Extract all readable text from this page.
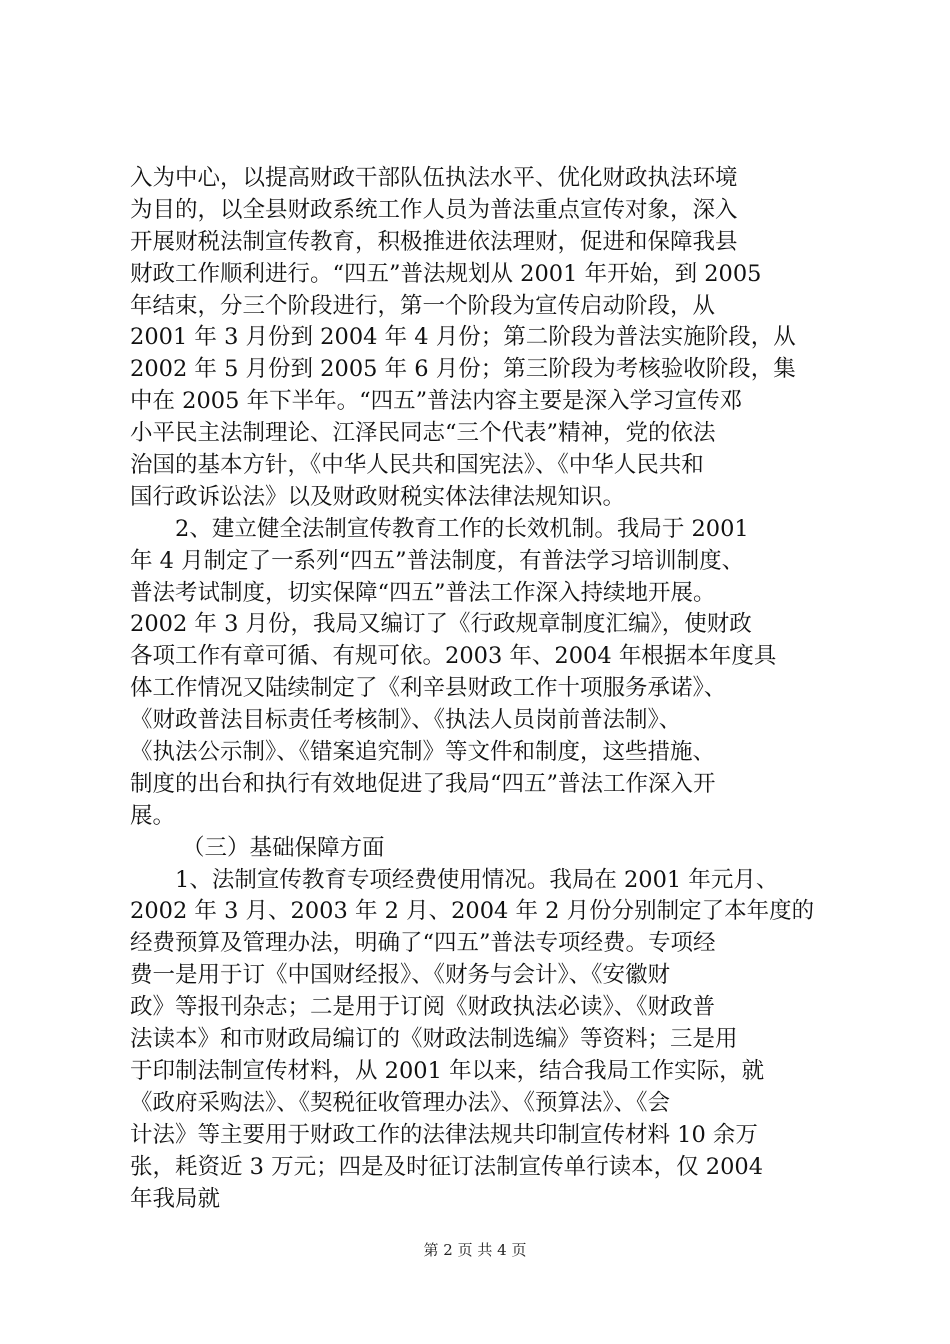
入为中心，以提高财政干部队伍执法水平、优化财政执法环境
为目的，以全县财政系统工作人员为普法重点宣传对象，深入
开展财税法制宣传教育，积极推进依法理财，促进和保障我县
财政工作顺利进行。“四五”普法规划从 2001 年开始，到 2005
年结束，分三个阶段进行，第一个阶段为宣传启动阶段，从
2001 年 3 月份到 2004 年 4 月份；第二阶段为普法实施阶段，从
2002 年 5 月份到 2005 年 6 月份；第三阶段为考核验收阶段，集
中在 2005 年下半年。“四五”普法内容主要是深入学习宣传邓
小平民主法制理论、江泽民同志“三个代表”精神，党的依法
治国的基本方针，《中华人民共和国宪法》、《中华人民共和
国行政诉讼法》以及财政财税实体法律法规知识。
2、建立健全法制宣传教育工作的长效机制。我局于 2001
年 4 月制定了一系列“四五”普法制度，有普法学习培训制度、
普法考试制度，切实保障“四五”普法工作深入持续地开展。
2002 年 3 月份，我局又编订了《行政规章制度汇编》，使财政
各项工作有章可循、有规可依。2003 年、2004 年根据本年度具
体工作情况又陆续制定了《利辛县财政工作十项服务承诺》、
《财政普法目标责任考核制》、《执法人员岗前普法制》、
《执法公示制》、《错案追究制》等文件和制度，这些措施、
制度的出台和执行有效地促进了我局“四五”普法工作深入开
展。
（三）基础保障方面
1、法制宣传教育专项经费使用情况。我局在 2001 年元月、
2002 年 3 月、2003 年 2 月、2004 年 2 月份分别制定了本年度的
经费预算及管理办法，明确了“四五”普法专项经费。专项经
费一是用于订《中国财经报》、《财务与会计》、《安徽财
政》等报刊杂志；二是用于订阅《财政执法必读》、《财政普
法读本》和市财政局编订的《财政法制选编》等资料；三是用
于印制法制宣传材料，从 2001 年以来，结合我局工作实际，就
《政府采购法》、《契税征收管理办法》、《预算法》、《会
计法》等主要用于财政工作的法律法规共印制宣传材料 10 余万
张，耗资近 3 万元；四是及时征订法制宣传单行读本，仅 2004
年我局就
第 2 页 共 4 页
